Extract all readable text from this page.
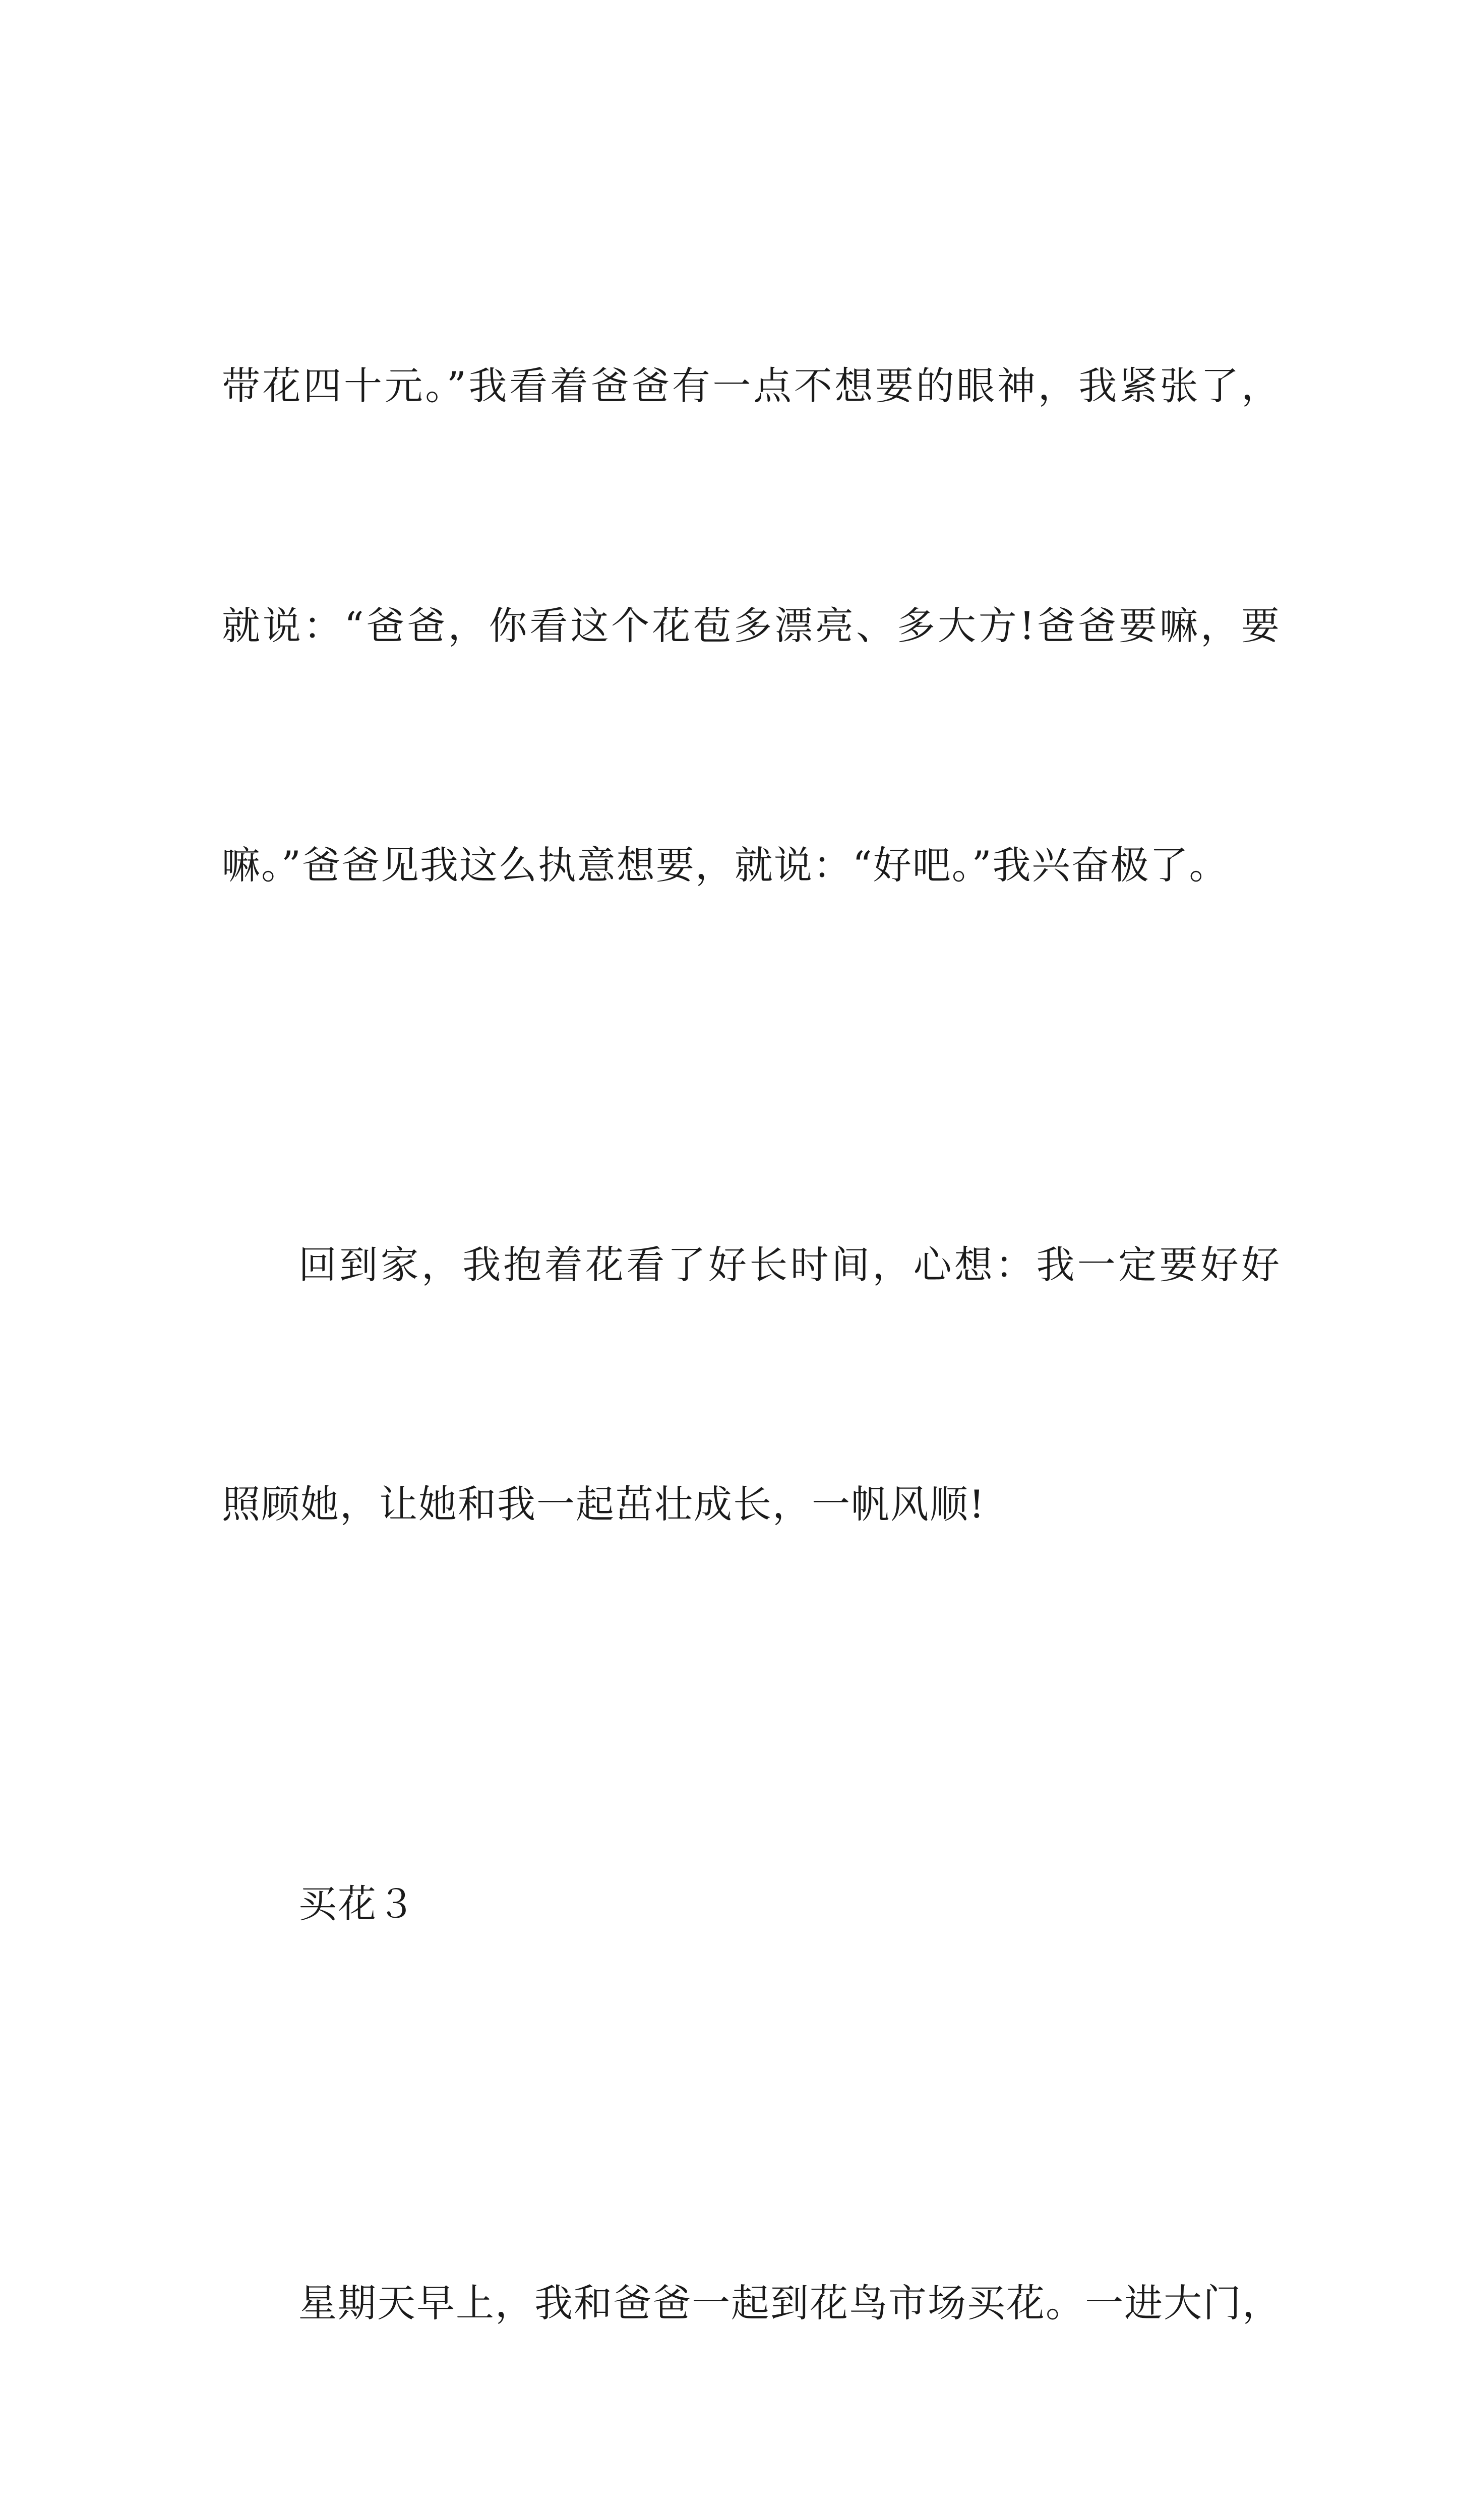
带花四十元。”我看着爸爸有一点不想要的眼神，我紧张了，

就说：“爸爸，你看这个花苞多漂亮、多大方!爸爸要嘛，要

嘛。”爸爸见我这么执意想要，就说：“好吧。”我兴奋极了。

回到家，我抱着花看了好长时间，心想：我一定要好好

照顾她，让她和我一起茁壮成长，一帆风顺!

买花３

星期天早上，我和爸爸一起到花鸟市场买花。一进大门，
